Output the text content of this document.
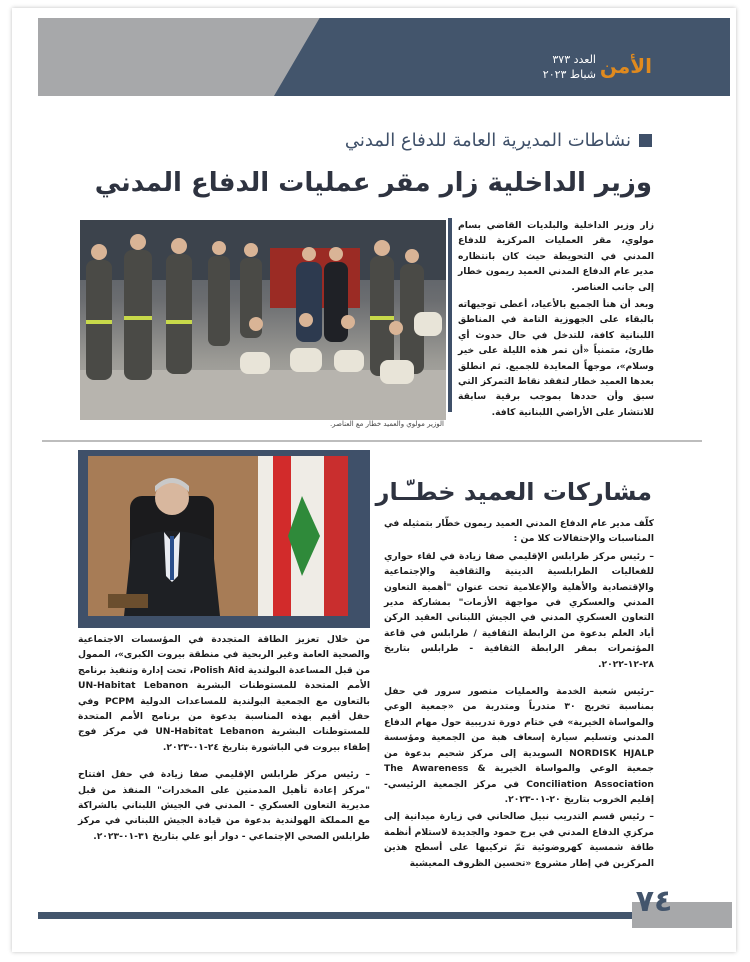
الأمن
العدد ٣٧٣
شباط ٢٠٢٣
نشاطات المديرية العامة للدفاع المدني
وزير الداخلية زار مقر عمليات الدفاع المدني
الوزير مولوي والعميد خطار مع العناصر.

زار وزير الداخلية والبلديات القاضي بسام مولوي، مقر العمليات المركزية للدفاع المدني في التحويطة حيث كان بانتظاره مدير عام الدفاع المدني العميد ريمون خطار إلى جانب العناصر.

وبعد أن هنأ الجميع بالأعياد، أعطى توجيهاته بالبقاء على الجهوزية التامة في المناطق اللبنانية كافة، للتدخل في حال حدوث أي طارئ، متمنياً «أن تمر هذه الليلة على خير وسلام»، موجهاً المعايدة للجميع. ثم انطلق بعدها العميد خطار لتفقد نقاط التمركز التي سبق وأن حددها بموجب برقية سابقة للانتشار على الأراضي اللبنانية كافة.

مشاركات العميد خطـّـار

كلّف مدير عام الدفاع المدني العميد ريمون خطّار بتمثيله في المناسبات والإحتفالات كلا من :

– رئيس مركز طرابلس الإقليمي صفا زيادة في لقاء حواري للفعاليات الطرابلسية الدينية والثقافية والإجتماعية والإقتصادية والأهلية والإعلامية تحت عنوان "أهمية التعاون المدني والعسكري في مواجهة الأزمات" بمشاركة مدير التعاون العسكري المدني في الجيش اللبناني العقيد الركن أياد العلم بدعوة من الرابطة الثقافية / طرابلس في قاعة المؤتمرات بمقر الرابطة الثقافية - طرابلس بتاريخ ٢٨-١٢-٢٠٢٢.

–رئيس شعبة الخدمة والعمليات منصور سرور في حفل بمناسبة تخريج ٣٠ متدرباً ومتدربة من «جمعية الوعي والمواساة الخيرية» في ختام دورة تدريبية حول مهام الدفاع المدني وتسليم سيارة إسعاف هبة من الجمعية ومؤسسة NORDISK HJALP السويدية إلى مركز شحيم بدعوة من جمعية الوعي والمواساة الخيرية The Awareness & Conciliation Association في مركز الجمعية الرئيسي- إقليم الخروب بتاريخ ٢٠-٠١-٢٠٢٣.

– رئيس قسم التدريب نبيل صالحاني في زيارة ميدانية إلى مركزي الدفاع المدني في برج حمود والجديدة لاستلام أنظمة طاقة شمسية كهروضوئية تمّ تركيبها على أسطح هذين المركزين في إطار مشروع «تحسين الظروف المعيشية

من خلال تعزيز الطاقة المتجددة في المؤسسات الاجتماعية والصحية العامة وغير الربحية في منطقة بيروت الكبرى»، الممول من قبل المساعدة البولندية Polish Aid، تحت إدارة وتنفيذ برنامج الأمم المتحدة للمستوطنات البشرية UN-Habitat Lebanon بالتعاون مع الجمعية البولندية للمساعدات الدولية PCPM وفي حفل أقيم بهذه المناسبة بدعوة من برنامج الأمم المتحدة للمستوطنات البشرية UN-Habitat Lebanon في مركز فوج إطفاء بيروت في الباشورة بتاريخ ٢٤-٠١-٢٠٢٣.

– رئيس مركز طرابلس الإقليمي صفا زيادة في حفل افتتاح "مركز إعادة تأهيل المدمنين على المخدرات" المنفذ من قبل مديرية التعاون العسكري - المدني في الجيش اللبناني بالشراكة مع المملكة الهولندية بدعوة من قيادة الجيش اللبناني في مركز طرابلس الصحي الإجتماعي - دوار أبو علي بتاريخ ٣١-٠١-٢٠٢٣.

٧٤
